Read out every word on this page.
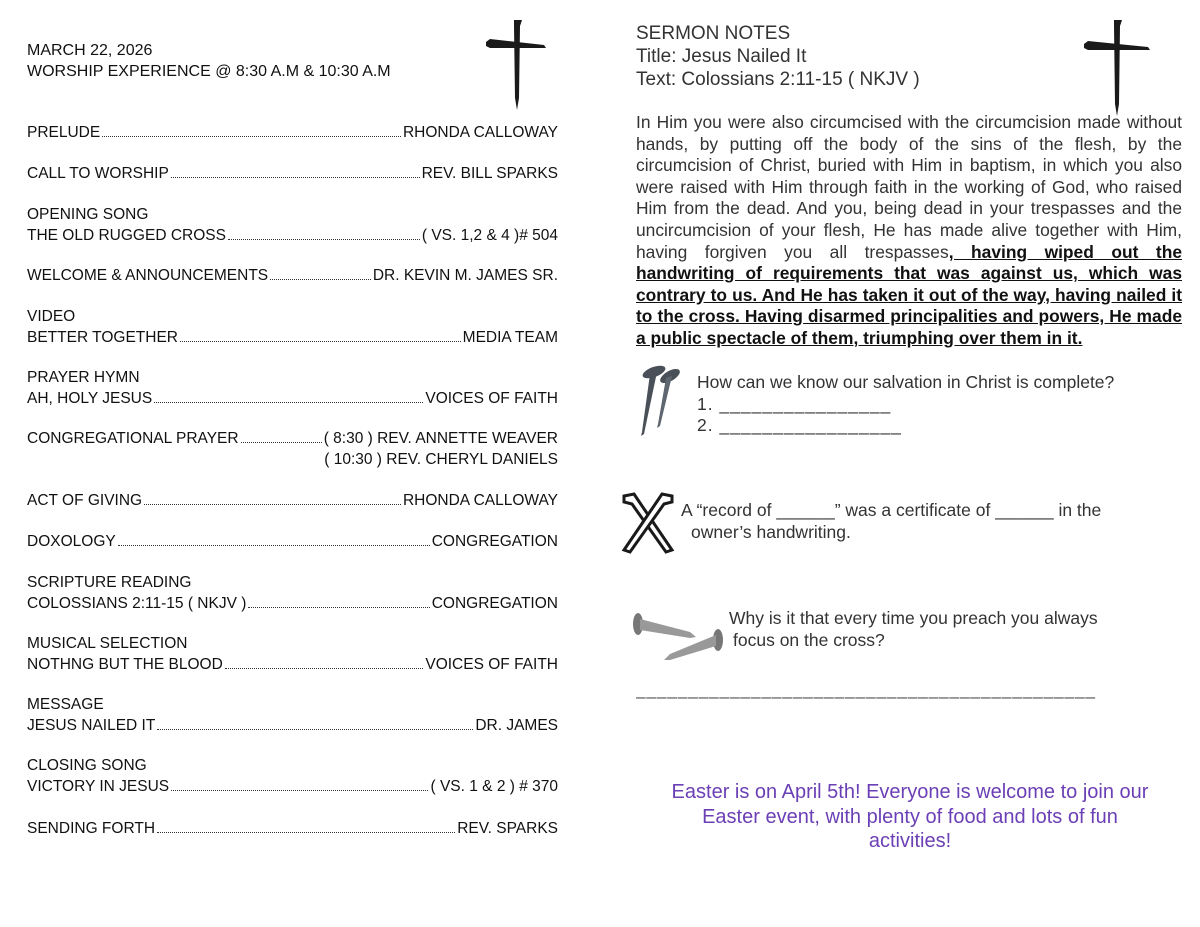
MARCH 22, 2026
WORSHIP EXPERIENCE @ 8:30 A.M & 10:30 A.M
PRELUDE	RHONDA CALLOWAY
CALL TO WORSHIP	REV. BILL SPARKS
OPENING SONG
THE OLD RUGGED CROSS	( VS. 1,2 & 4 )# 504
WELCOME & ANNOUNCEMENTS	DR. KEVIN M. JAMES SR.
VIDEO
BETTER TOGETHER	MEDIA TEAM
PRAYER HYMN
AH, HOLY JESUS	VOICES OF FAITH
CONGREGATIONAL PRAYER	( 8:30 ) REV. ANNETTE WEAVER
( 10:30 ) REV. CHERYL DANIELS
ACT OF GIVING	RHONDA CALLOWAY
DOXOLOGY	CONGREGATION
SCRIPTURE READING
COLOSSIANS 2:11-15 ( NKJV )	CONGREGATION
MUSICAL SELECTION
NOTHNG BUT THE BLOOD	VOICES OF FAITH
MESSAGE
JESUS NAILED IT	DR. JAMES
CLOSING SONG
VICTORY IN JESUS	( VS. 1 & 2 ) # 370
SENDING FORTH	REV. SPARKS
SERMON NOTES
Title: Jesus Nailed It
Text: Colossians 2:11-15 ( NKJV )
In Him you were also circumcised with the circumcision made without hands, by putting off the body of the sins of the flesh, by the circumcision of Christ, buried with Him in baptism, in which you also were raised with Him through faith in the working of God, who raised Him from the dead. And you, being dead in your trespasses and the uncircumcision of your flesh, He has made alive together with Him, having forgiven you all trespasses, having wiped out the handwriting of requirements that was against us, which was contrary to us. And He has taken it out of the way, having nailed it to the cross. Having disarmed principalities and powers, He made a public spectacle of them, triumphing over them in it.
How can we know our salvation in Christ is complete?
1. ________________
2. _________________
A “record of ______” was a certificate of ______ in the
owner’s handwriting.
Why is it that every time you preach you always
focus on the cross?
____________________________________________
Easter is on April 5th! Everyone is welcome to join our Easter event, with plenty of food and lots of fun activities!
